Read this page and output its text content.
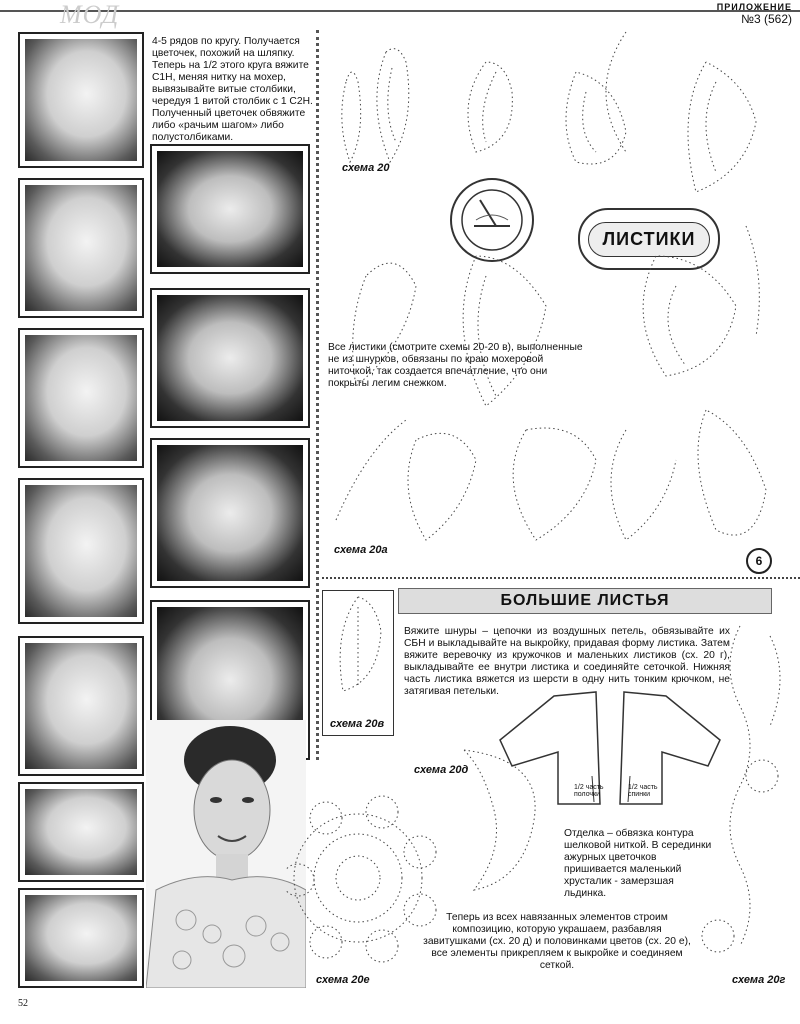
МОД	ПРИЛОЖЕНИЕ
№3 (562)
4-5 рядов по кругу. Получается цветочек, похожий на шляпку. Теперь на 1/2 этого круга вяжите С1Н, меняя нитку на мохер, вывязывайте витые столбики, чередуя 1 витой столбик с 1 С2Н. Полученный цветочек обвяжите либо «рачьим шагом» либо полустолбиками.
схема 20
ЛИСТИКИ
Все листики (смотрите схемы 20-20 в), выполненные не из шнурков, обвязаны по краю мохеровой ниточкой, так создается впечатление, что они покрыты легим снежком.
схема 20а
6
БОЛЬШИЕ ЛИСТЬЯ
схема 20в
Вяжите шнуры – цепочки из воздушных петель, обвязывайте их СБН и выкладывайте на выкройку, придавая форму листика. Затем вяжите веревочку из кружочков и маленьких листиков (сх. 20 г), выкладывайте ее внутри листика и соединяйте сеточкой. Нижняя часть листика вяжется из шерсти в одну нить тонким крючком, не затягивая петельки.
1/2 часть полочки
1/2 часть спинки
схема 20д
Отделка – обвязка контура шелковой ниткой. В серединки ажурных цветочков пришивается маленький хрусталик - замерзшая льдинка.
схема 20е
Теперь из всех навязанных элементов строим композицию, которую украшаем, разбавляя завитушками (сх. 20 д) и половинками цветов (сх. 20 е), все элементы прикрепляем к выкройке и соединяем сеткой.
схема 20г
52
